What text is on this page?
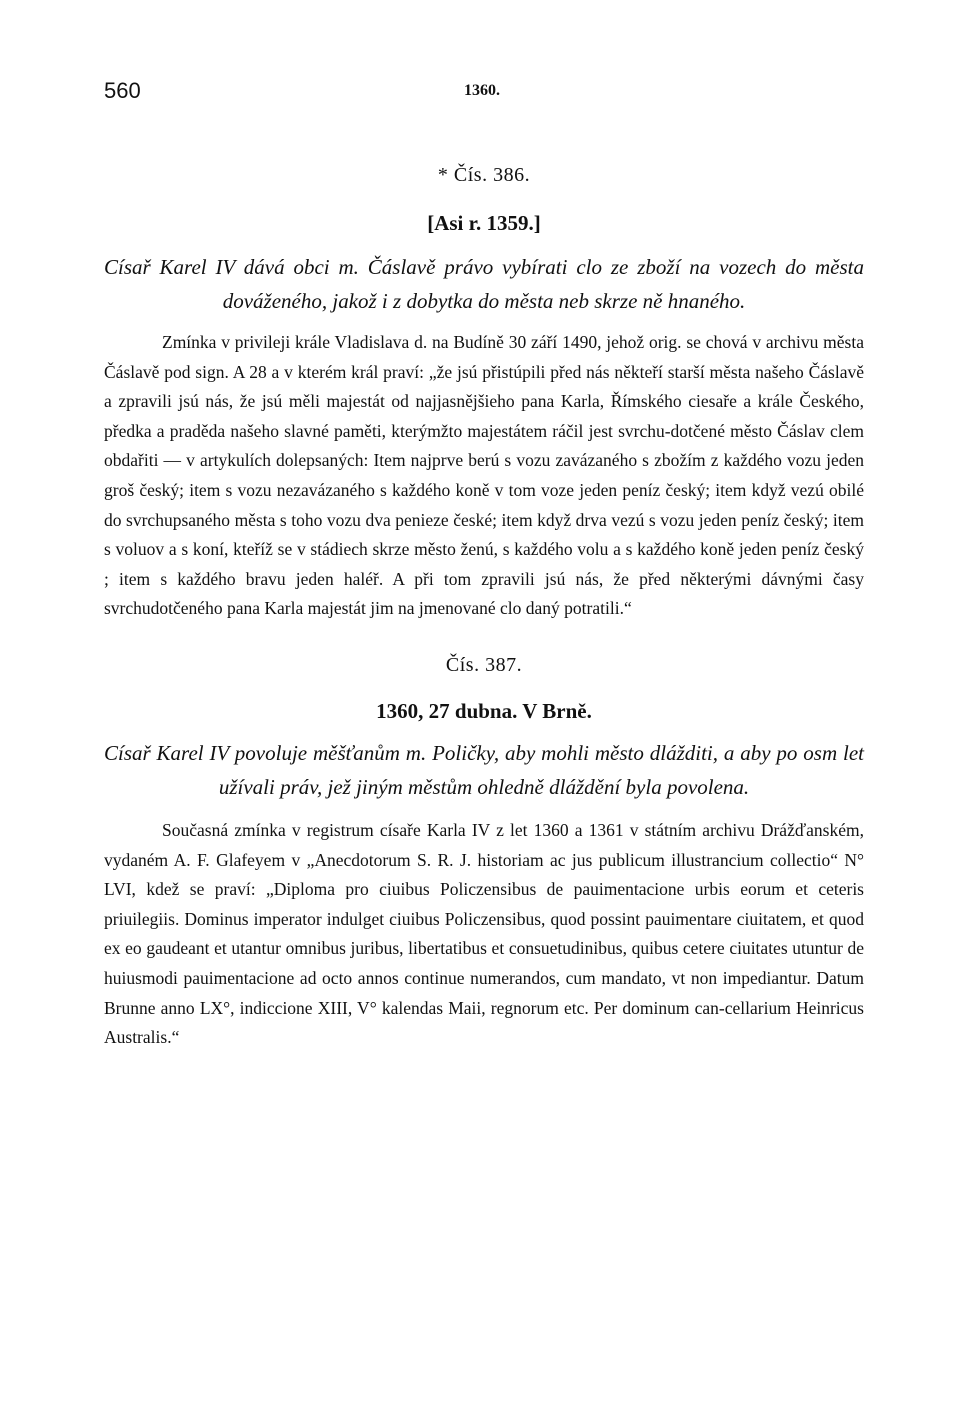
560	1360.
* Čís. 386.
[Asi r. 1359.]
Císař Karel IV dává obci m. Čáslavě právo vybírati clo ze zboží na vozech do města dováženého, jakož i z dobytka do města neb skrze ně hnaného.
Zmínka v privileji krále Vladislava d. na Budíně 30 září 1490, jehož orig. se chová v archivu města Čáslavě pod sign. A 28 a v kterém král praví: „že jsú přistúpili před nás někteří starší města našeho Čáslavě a zpravili jsú nás, že jsú měli majestát od najjasnějšieho pana Karla, Římského ciesaře a krále Českého, předka a praděda našeho slavné paměti, kterýmžto majestátem ráčil jest svrchu-dotčené město Čáslav clem obdařiti — v artykulích dolepsaných: Item najprve berú s vozu zavázaného s zbožím z každého vozu jeden groš český; item s vozu nezavázaného s každého koně v tom voze jeden peníz český; item když vezú obilé do svrchupsaného města s toho vozu dva penieze české; item když drva vezú s vozu jeden peníz český; item s voluov a s koní, kteříž se v stádiech skrze město ženú, s každého volu a s každého koně jeden peníz český ; item s každého bravu jeden haléř. A při tom zpravili jsú nás, že před některými dávnými časy svrchudotčeného pana Karla majestát jim na jmenované clo daný potratili.“
Čís. 387.
1360, 27 dubna. V Brně.
Císař Karel IV povoluje měšťanům m. Poličky, aby mohli město dlážditi, a aby po osm let užívali práv, jež jiným městům ohledně dláždění byla povolena.
Současná zmínka v registrum císaře Karla IV z let 1360 a 1361 v státním archivu Drážďanském, vydaném A. F. Glafeyem v „Anecdotorum S. R. J. historiam ac jus publicum illustrancium collectio“ N° LVI, kdež se praví: „Diploma pro ciuibus Policzensibus de pauimentacione urbis eorum et ceteris priuilegiis. Dominus imperator indulget ciuibus Policzensibus, quod possint pauimentare ciuitatem, et quod ex eo gaudeant et utantur omnibus juribus, libertatibus et consuetudinibus, quibus cetere ciuitates utuntur de huiusmodi pauimentacione ad octo annos continue numerandos, cum mandato, vt non impediantur. Datum Brunne anno LX°, indiccione XIII, V° kalendas Maii, regnorum etc. Per dominum can-cellarium Heinricus Australis.“
